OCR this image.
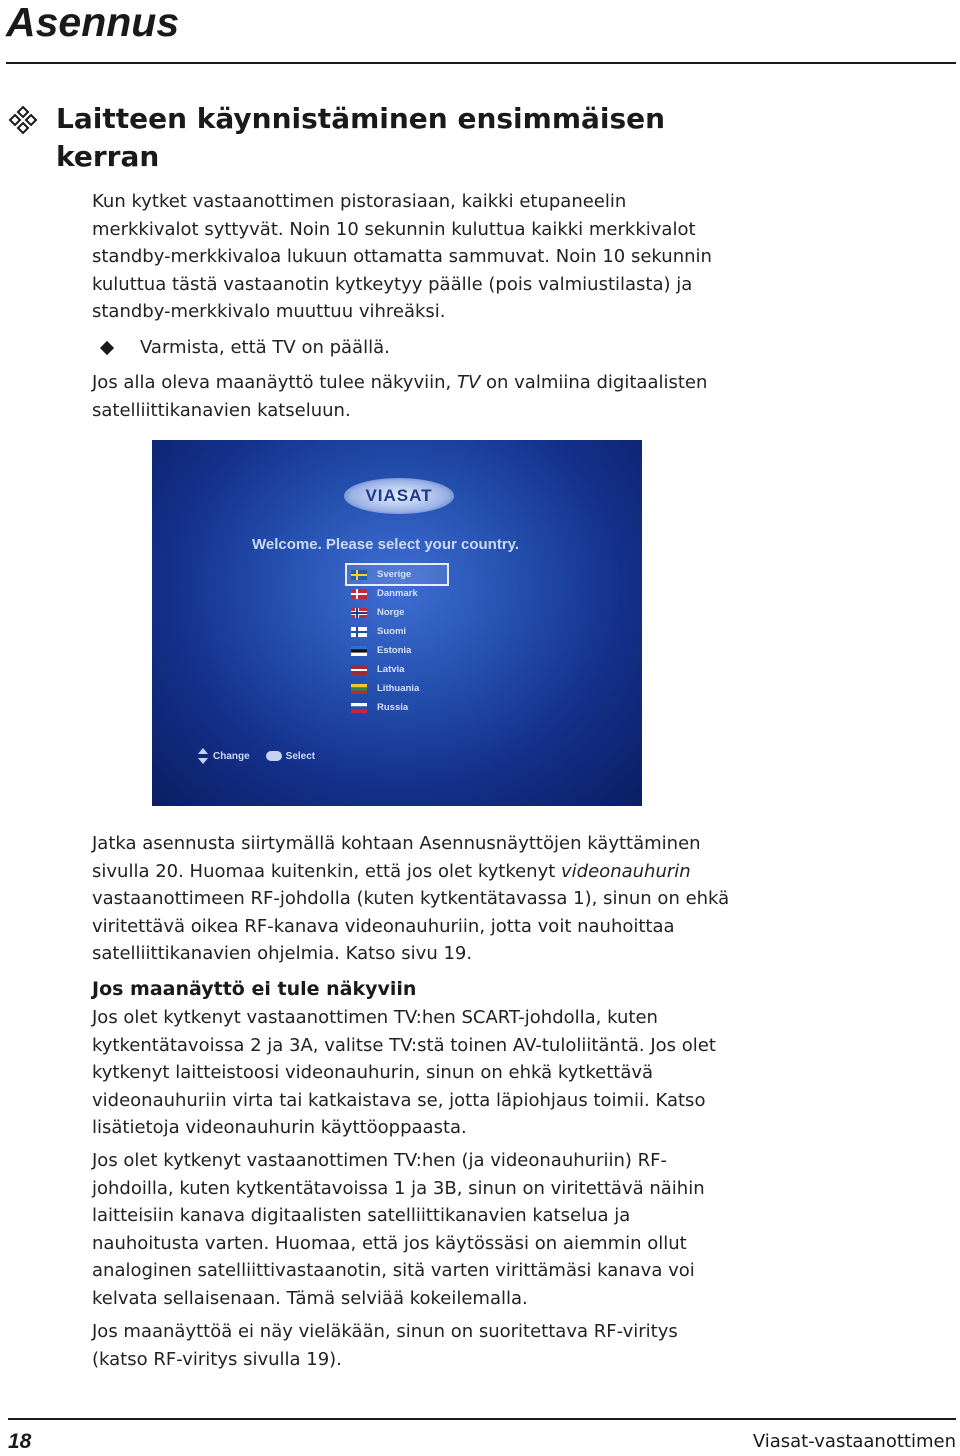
Asennus
Laitteen käynnistäminen ensimmäisen kerran

Kun kytket vastaanottimen pistorasiaan, kaikki etupaneelin merkkivalot syttyvät. Noin 10 sekunnin kuluttua kaikki merkkivalot standby-merkkivaloa lukuun ottamatta sammuvat. Noin 10 sekunnin kuluttua tästä vastaanotin kytkeytyy päälle (pois valmiustilasta) ja standby-merkkivalo muuttuu vihreäksi.

Varmista, että TV on päällä.

Jos alla oleva maanäyttö tulee näkyviin, TV on valmiina digitaalisten satelliittikanavien katseluun.

VIASAT
Welcome. Please select your country.
Sverige
Danmark
Norge
Suomi
Estonia
Latvia
Lithuania
Russia
Change	Select

Jatka asennusta siirtymällä kohtaan Asennusnäyttöjen käyttäminen sivulla 20. Huomaa kuitenkin, että jos olet kytkenyt videonauhurin vastaanottimeen RF-johdolla (kuten kytkentätavassa 1), sinun on ehkä viritettävä oikea RF-kanava videonauhuriin, jotta voit nauhoittaa satelliittikanavien ohjelmia. Katso sivu 19.

Jos maanäyttö ei tule näkyviin

Jos olet kytkenyt vastaanottimen TV:hen SCART-johdolla, kuten kytkentätavoissa 2 ja 3A, valitse TV:stä toinen AV-tuloliitäntä. Jos olet kytkenyt laitteistoosi videonauhurin, sinun on ehkä kytkettävä videonauhuriin virta tai katkaistava se, jotta läpiohjaus toimii. Katso lisätietoja videonauhurin käyttöoppaasta.

Jos olet kytkenyt vastaanottimen TV:hen (ja videonauhuriin) RF-johdoilla, kuten kytkentätavoissa 1 ja 3B, sinun on viritettävä näihin laitteisiin kanava digitaalisten satelliittikanavien katselua ja nauhoitusta varten. Huomaa, että jos käytössäsi on aiemmin ollut analoginen satelliittivastaanotin, sitä varten virittämäsi kanava voi kelvata sellaisenaan. Tämä selviää kokeilemalla.

Jos maanäyttöä ei näy vieläkään, sinun on suoritettava RF-viritys (katso RF-viritys sivulla 19).

18	Viasat-vastaanottimen
